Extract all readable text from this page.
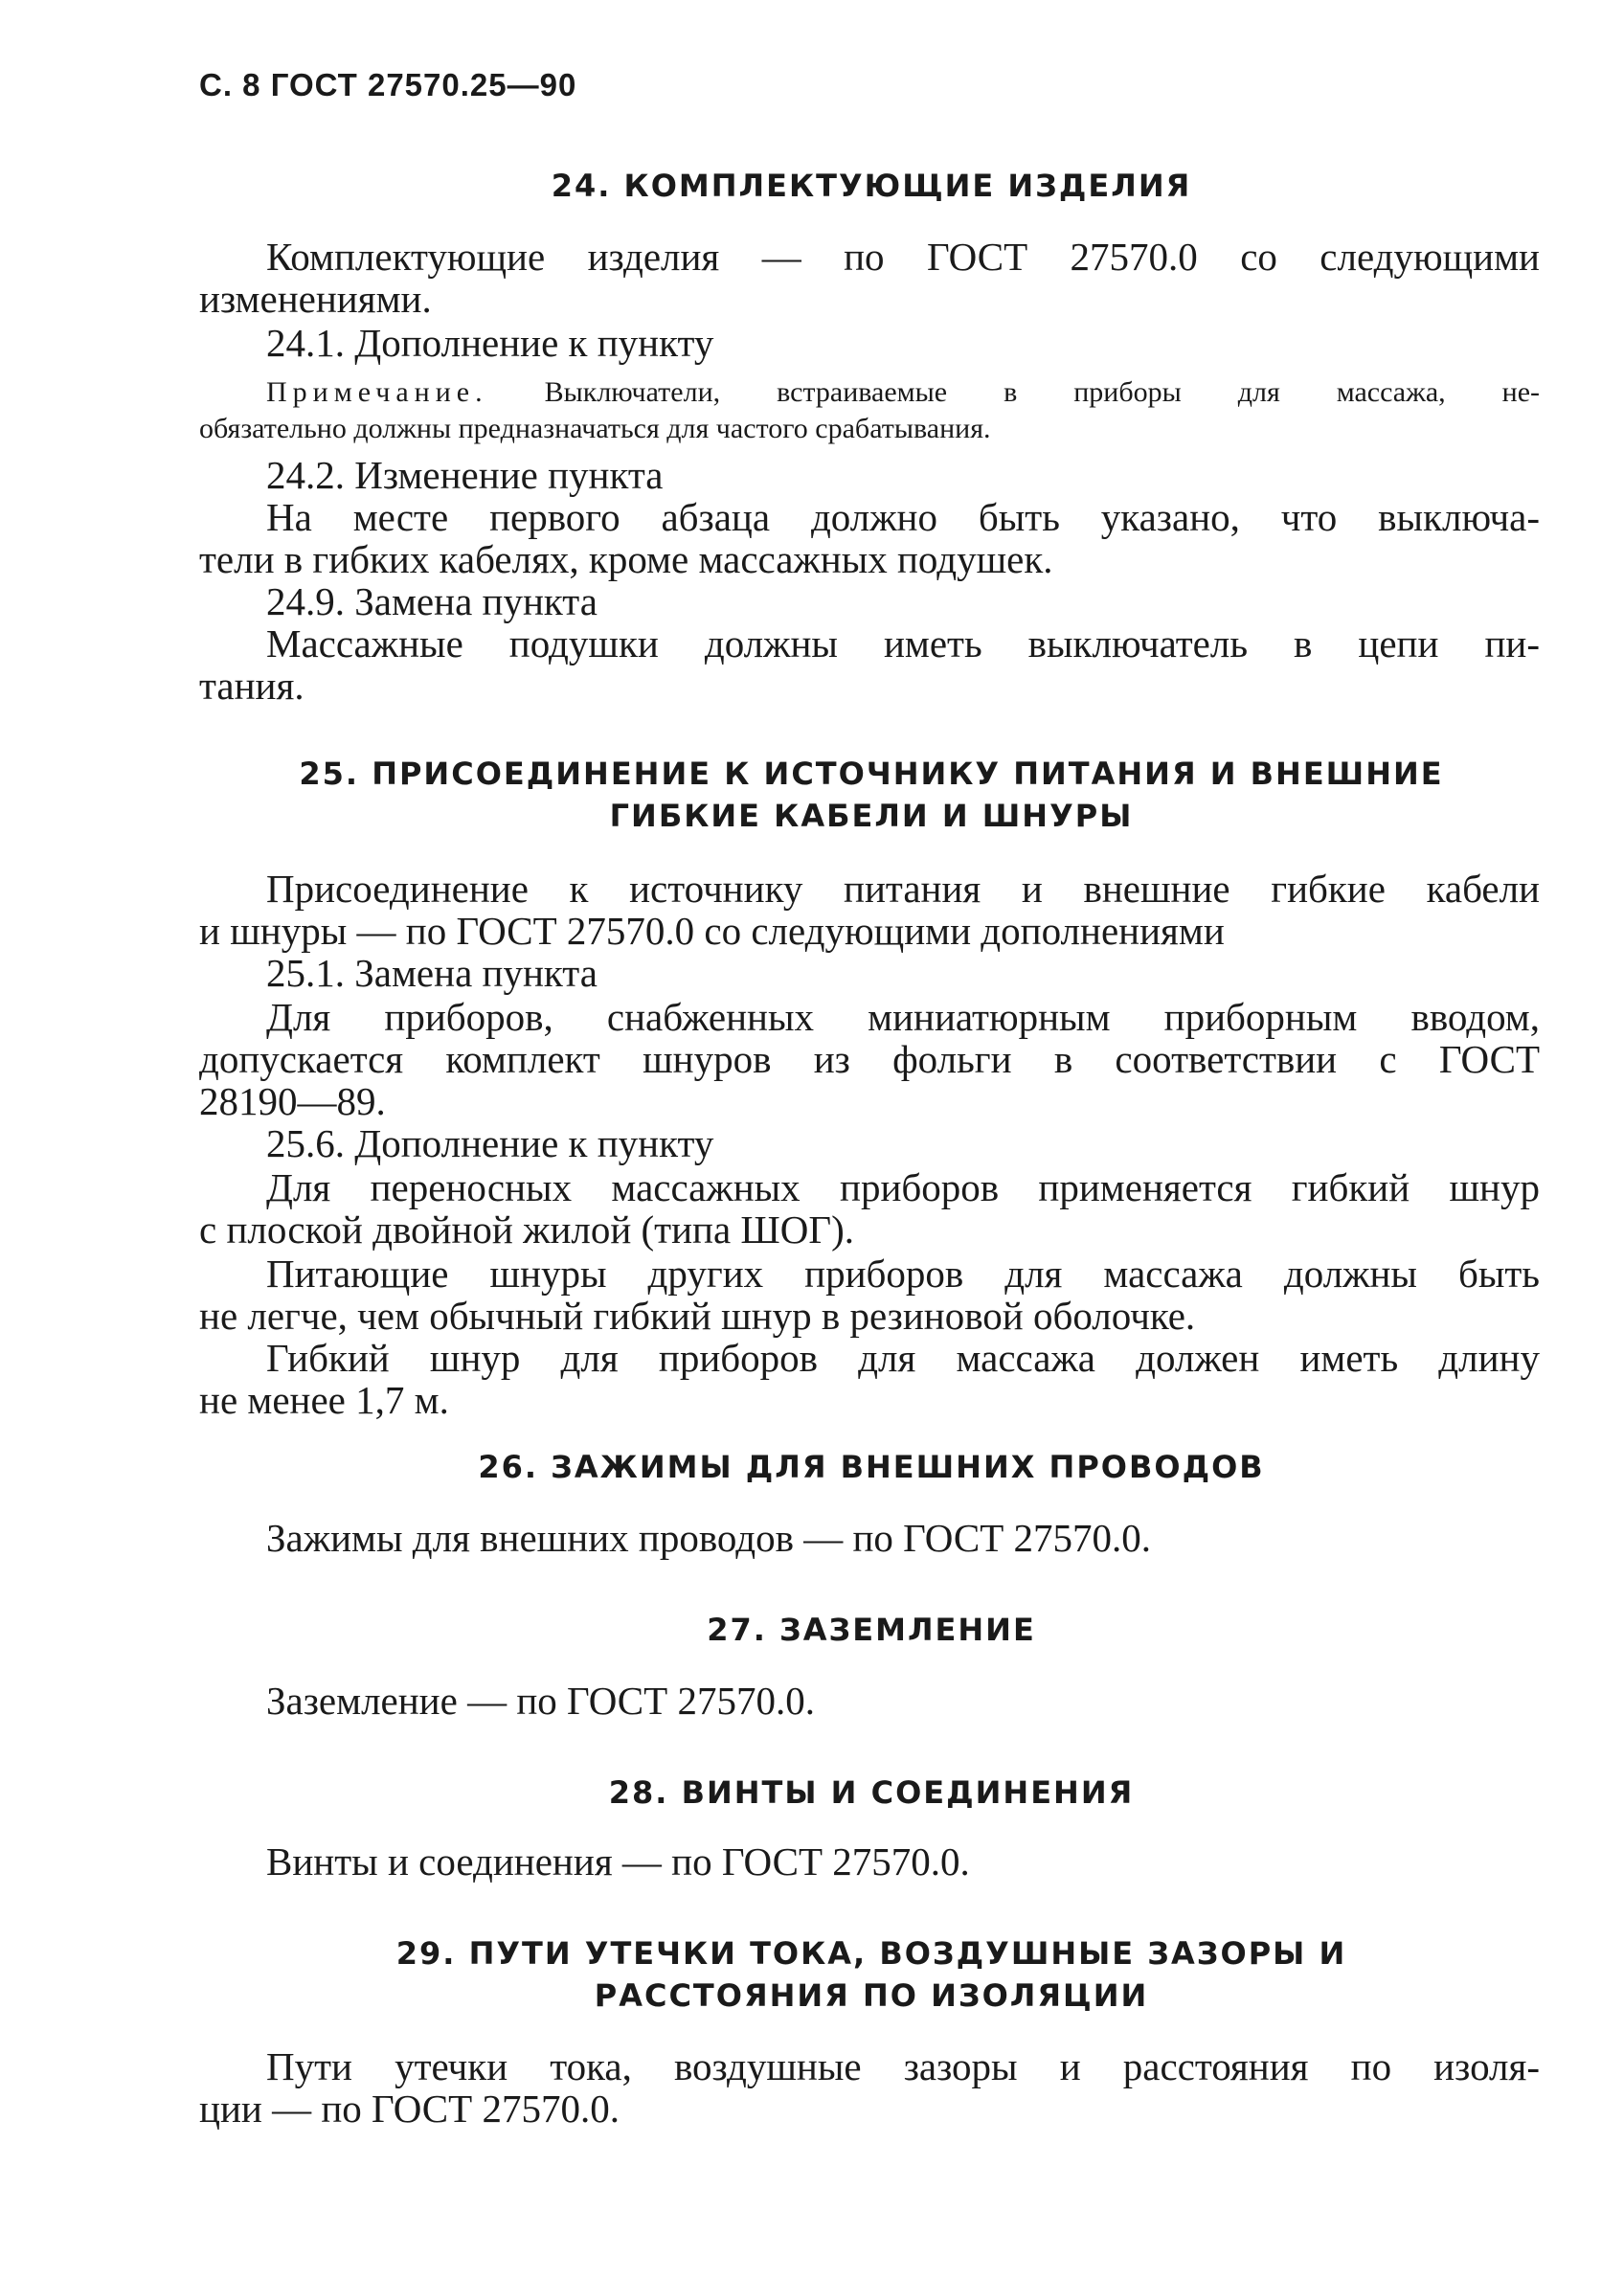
С. 8 ГОСТ 27570.25—90
24. КОМПЛЕКТУЮЩИЕ ИЗДЕЛИЯ

Комплектующие изделия — по ГОСТ 27570.0 со следующими

изменениями.

24.1. Дополнение к пункту

Примечание. Выключатели, встраиваемые в приборы для массажа, не-

обязательно должны предназначаться для частого срабатывания.

24.2. Изменение пункта

На месте первого абзаца должно быть указано, что выключа-

тели в гибких кабелях, кроме массажных подушек.

24.9. Замена пункта

Массажные подушки должны иметь выключатель в цепи пи-

тания.

25. ПРИСОЕДИНЕНИЕ К ИСТОЧНИКУ ПИТАНИЯ И ВНЕШНИЕ
ГИБКИЕ КАБЕЛИ И ШНУРЫ

Присоединение к источнику питания и внешние гибкие кабели

и шнуры — по ГОСТ 27570.0 со следующими дополнениями

25.1. Замена пункта

Для приборов, снабженных миниатюрным приборным вводом,

допускается комплект шнуров из фольги в соответствии с ГОСТ

28190—89.

25.6. Дополнение к пункту

Для переносных массажных приборов применяется гибкий шнур

с плоской двойной жилой (типа ШОГ).

Питающие шнуры других приборов для массажа должны быть

не легче, чем обычный гибкий шнур в резиновой оболочке.

Гибкий шнур для приборов для массажа должен иметь длину

не менее 1,7 м.

26. ЗАЖИМЫ ДЛЯ ВНЕШНИХ ПРОВОДОВ

Зажимы для внешних проводов — по ГОСТ 27570.0.

27. ЗАЗЕМЛЕНИЕ

Заземление — по ГОСТ 27570.0.

28. ВИНТЫ И СОЕДИНЕНИЯ

Винты и соединения — по ГОСТ 27570.0.

29. ПУТИ УТЕЧКИ ТОКА, ВОЗДУШНЫЕ ЗАЗОРЫ И
РАССТОЯНИЯ ПО ИЗОЛЯЦИИ

Пути утечки тока, воздушные зазоры и расстояния по изоля-

ции — по ГОСТ 27570.0.
